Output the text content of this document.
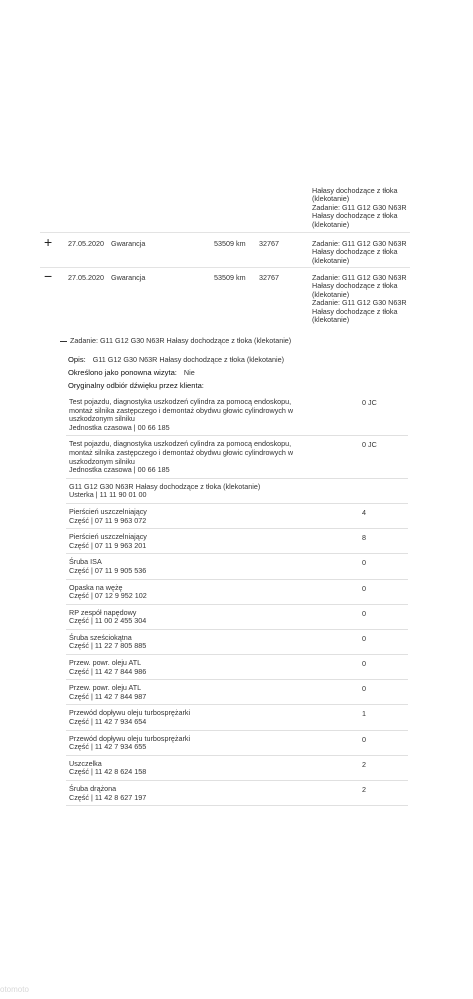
Hałasy dochodzące z tłoka
(klekotanie)
Zadanie: G11 G12 G30 N63R
Hałasy dochodzące z tłoka
(klekotanie)
+ 27.05.2020 Gwarancja	53509 km 32767	Zadanie: G11 G12 G30 N63R
Hałasy dochodzące z tłoka
(klekotanie)
− 27.05.2020 Gwarancja	53509 km 32767	Zadanie: G11 G12 G30 N63R
Hałasy dochodzące z tłoka
(klekotanie)
Zadanie: G11 G12 G30 N63R
Hałasy dochodzące z tłoka
(klekotanie)
Zadanie: G11 G12 G30 N63R Hałasy dochodzące z tłoka (klekotanie)
Opis: G11 G12 G30 N63R Hałasy dochodzące z tłoka (klekotanie)
Określono jako ponowna wizyta: Nie
Oryginalny odbiór dźwięku przez klienta:
Test pojazdu, diagnostyka uszkodzeń cylindra za pomocą endoskopu,
montaż silnika zastępczego i demontaż obydwu głowic cylindrowych w
uszkodzonym silniku
Jednostka czasowa | 00 66 185
0 JC
Test pojazdu, diagnostyka uszkodzeń cylindra za pomocą endoskopu,
montaż silnika zastępczego i demontaż obydwu głowic cylindrowych w
uszkodzonym silniku
Jednostka czasowa | 00 66 185
0 JC
G11 G12 G30 N63R Hałasy dochodzące z tłoka (klekotanie)
Usterka | 11 11 90 01 00
Pierścień uszczelniający
Część | 07 11 9 963 072
4
Pierścień uszczelniający
Część | 07 11 9 963 201
8
Śruba ISA
Część | 07 11 9 905 536
0
Opaska na wężę
Część | 07 12 9 952 102
0
RP zespół napędowy
Część | 11 00 2 455 304
0
Śruba sześciokątna
Część | 11 22 7 805 885
0
Przew. powr. oleju ATL
Część | 11 42 7 844 986
0
Przew. powr. oleju ATL
Część | 11 42 7 844 987
0
Przewód dopływu oleju turbosprężarki
Część | 11 42 7 934 654
1
Przewód dopływu oleju turbosprężarki
Część | 11 42 7 934 655
0
Uszczelka
Część | 11 42 8 624 158
2
Śruba drążona
Część | 11 42 8 627 197
2
otomoto
